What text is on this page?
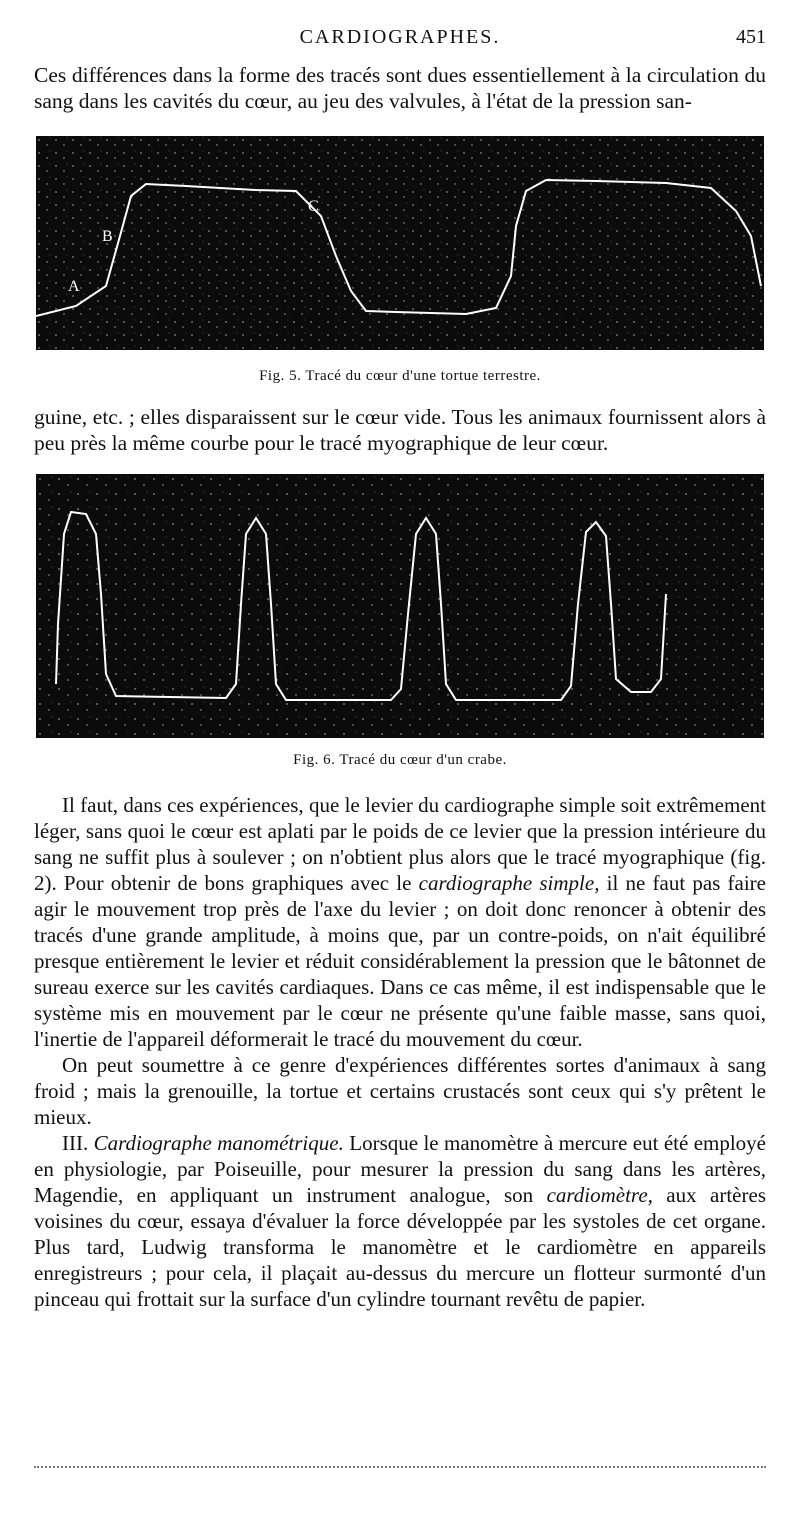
CARDIOGRAPHES.	451

Ces différences dans la forme des tracés sont dues essentiellement à la circulation du sang dans les cavités du cœur, au jeu des valvules, à l'état de la pression san-

A
B
C
Fig. 5. Tracé du cœur d'une tortue terrestre.

guine, etc. ; elles disparaissent sur le cœur vide. Tous les animaux fournissent alors à peu près la même courbe pour le tracé myographique de leur cœur.

Fig. 6. Tracé du cœur d'un crabe.

Il faut, dans ces expériences, que le levier du cardiographe simple soit extrêmement léger, sans quoi le cœur est aplati par le poids de ce levier que la pression intérieure du sang ne suffit plus à soulever ; on n'obtient plus alors que le tracé myographique (fig. 2). Pour obtenir de bons graphiques avec le cardiographe simple, il ne faut pas faire agir le mouvement trop près de l'axe du levier ; on doit donc renoncer à obtenir des tracés d'une grande amplitude, à moins que, par un contre-poids, on n'ait équilibré presque entièrement le levier et réduit considérablement la pression que le bâtonnet de sureau exerce sur les cavités cardiaques. Dans ce cas même, il est indispensable que le système mis en mouvement par le cœur ne présente qu'une faible masse, sans quoi, l'inertie de l'appareil déformerait le tracé du mouvement du cœur.

On peut soumettre à ce genre d'expériences différentes sortes d'animaux à sang froid ; mais la grenouille, la tortue et certains crustacés sont ceux qui s'y prêtent le mieux.

III. Cardiographe manométrique. Lorsque le manomètre à mercure eut été employé en physiologie, par Poiseuille, pour mesurer la pression du sang dans les artères, Magendie, en appliquant un instrument analogue, son cardiomètre, aux artères voisines du cœur, essaya d'évaluer la force développée par les systoles de cet organe. Plus tard, Ludwig transforma le manomètre et le cardiomètre en appareils enregistreurs ; pour cela, il plaçait au-dessus du mercure un flotteur surmonté d'un pinceau qui frottait sur la surface d'un cylindre tournant revêtu de papier.
